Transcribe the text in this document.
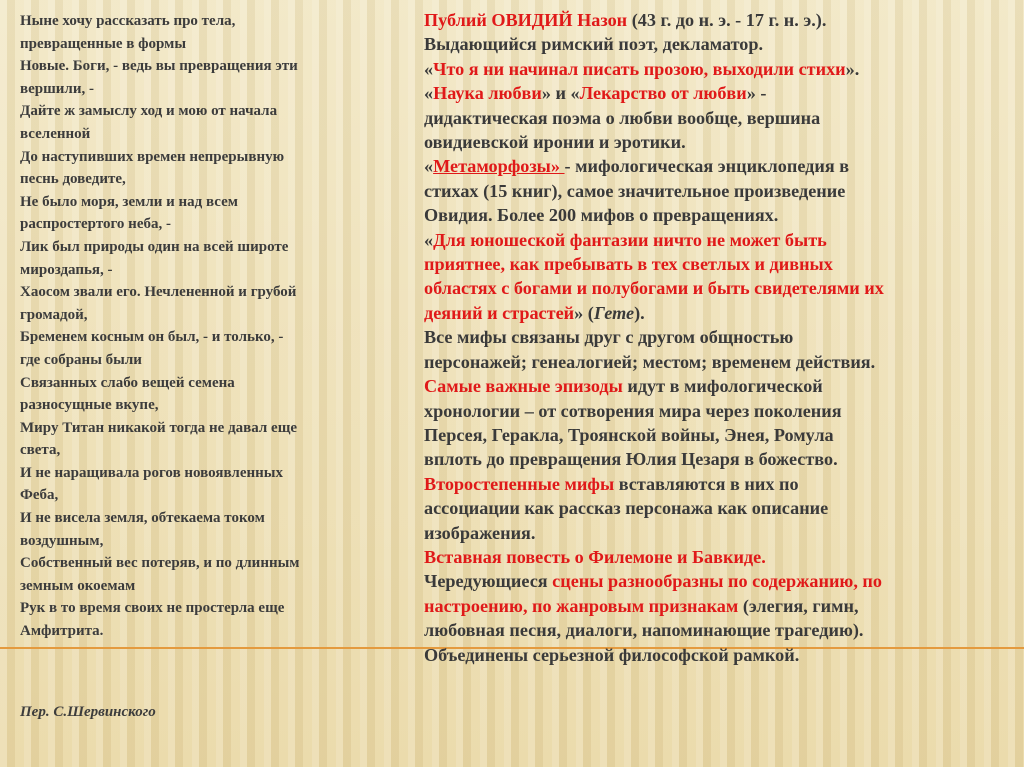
Ныне хочу рассказать про тела,
превращенные в формы
Новые. Боги, - ведь вы превращения эти
вершили, -
Дайте ж замыслу ход и мою от начала
вселенной
До наступивших времен непрерывную
песнь доведите,
Не было моря, земли и над всем
распростертого неба, -
Лик был природы один на всей широте
мироздапья, -
Хаосом звали его. Нечлененной и грубой
громадой,
Бременем косным он был, - и только, -
где собраны были
Связанных слабо вещей семена
разносущные вкупе,
Миру Титан никакой тогда не давал еще
света,
И не наращивала рогов новоявленных
Феба,
И не висела земля, обтекаема током
воздушным,
Собственный вес потеряв, и по длинным
земным окоемам
Рук в то время своих не простерла еще
Амфитрита.
Пер. С.Шервинского
Публий ОВИДИЙ Назон (43 г. до н. э. - 17 г. н. э.).
Выдающийся римский поэт, декламатор.
«Что я ни начинал писать прозою, выходили стихи».
«Наука любви» и «Лекарство от любви» -
дидактическая поэма о любви вообще, вершина
овидиевской иронии и эротики.
«Метаморфозы» - мифологическая энциклопедия в
стихах (15 книг), самое значительное произведение
Овидия. Более 200 мифов о превращениях.
«Для юношеской фантазии ничто не может быть
приятнее, как пребывать в тех светлых и дивных
областях с богами и полубогами и быть свидетелями их
деяний и страстей» (Гете).
Все мифы связаны друг с другом общностью
персонажей; генеалогией; местом; временем действия.
Самые важные эпизоды идут в мифологической
хронологии – от сотворения мира через поколения
Персея, Геракла, Троянской войны, Энея, Ромула
вплоть до превращения Юлия Цезаря в божество.
Второстепенные мифы вставляются в них по
ассоциации как рассказ персонажа как описание
изображения.
Вставная повесть о Филемоне и Бавкиде.
Чередующиеся сцены разнообразны по содержанию, по
настроению, по жанровым признакам (элегия, гимн,
любовная песня, диалоги, напоминающие трагедию).
Объединены серьезной философской рамкой.
